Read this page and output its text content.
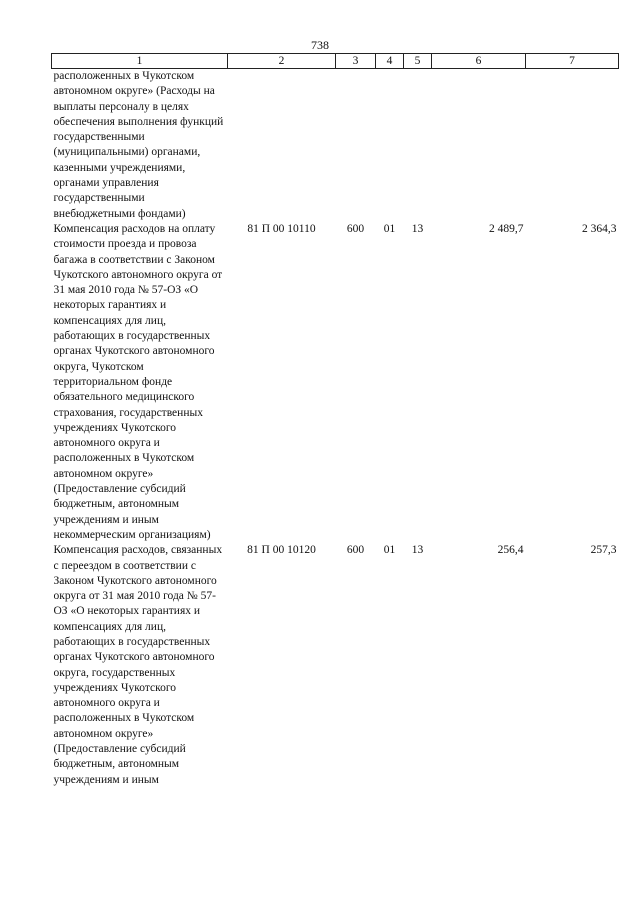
738
1	2	3	4	5	6	7
расположенных в Чукотском автономном округе» (Расходы на выплаты персоналу в целях обеспечения выполнения функций государственными (муниципальными) органами, казенными учреждениями, органами управления государственными внебюджетными фондами)						
Компенсация расходов на оплату стоимости проезда и провоза багажа в соответствии с Законом Чукотского автономного округа от 31 мая 2010 года № 57-ОЗ «О некоторых гарантиях и компенсациях для лиц, работающих в государственных органах Чукотского автономного округа, Чукотском территориальном фонде обязательного медицинского страхования, государственных учреждениях Чукотского автономного округа и расположенных в Чукотском автономном округе» (Предоставление субсидий бюджетным, автономным учреждениям и иным некоммерческим организациям)	81 П 00 10110	600	01	13	2 489,7	2 364,3
Компенсация расходов, связанных с переездом в соответствии с Законом Чукотского автономного округа от 31 мая 2010 года № 57-ОЗ «О некоторых гарантиях и компенсациях для лиц, работающих в государственных органах Чукотского автономного округа, государственных учреждениях Чукотского автономного округа и расположенных в Чукотском автономном округе» (Предоставление субсидий бюджетным, автономным учреждениям и иным	81 П 00 10120	600	01	13	256,4	257,3
